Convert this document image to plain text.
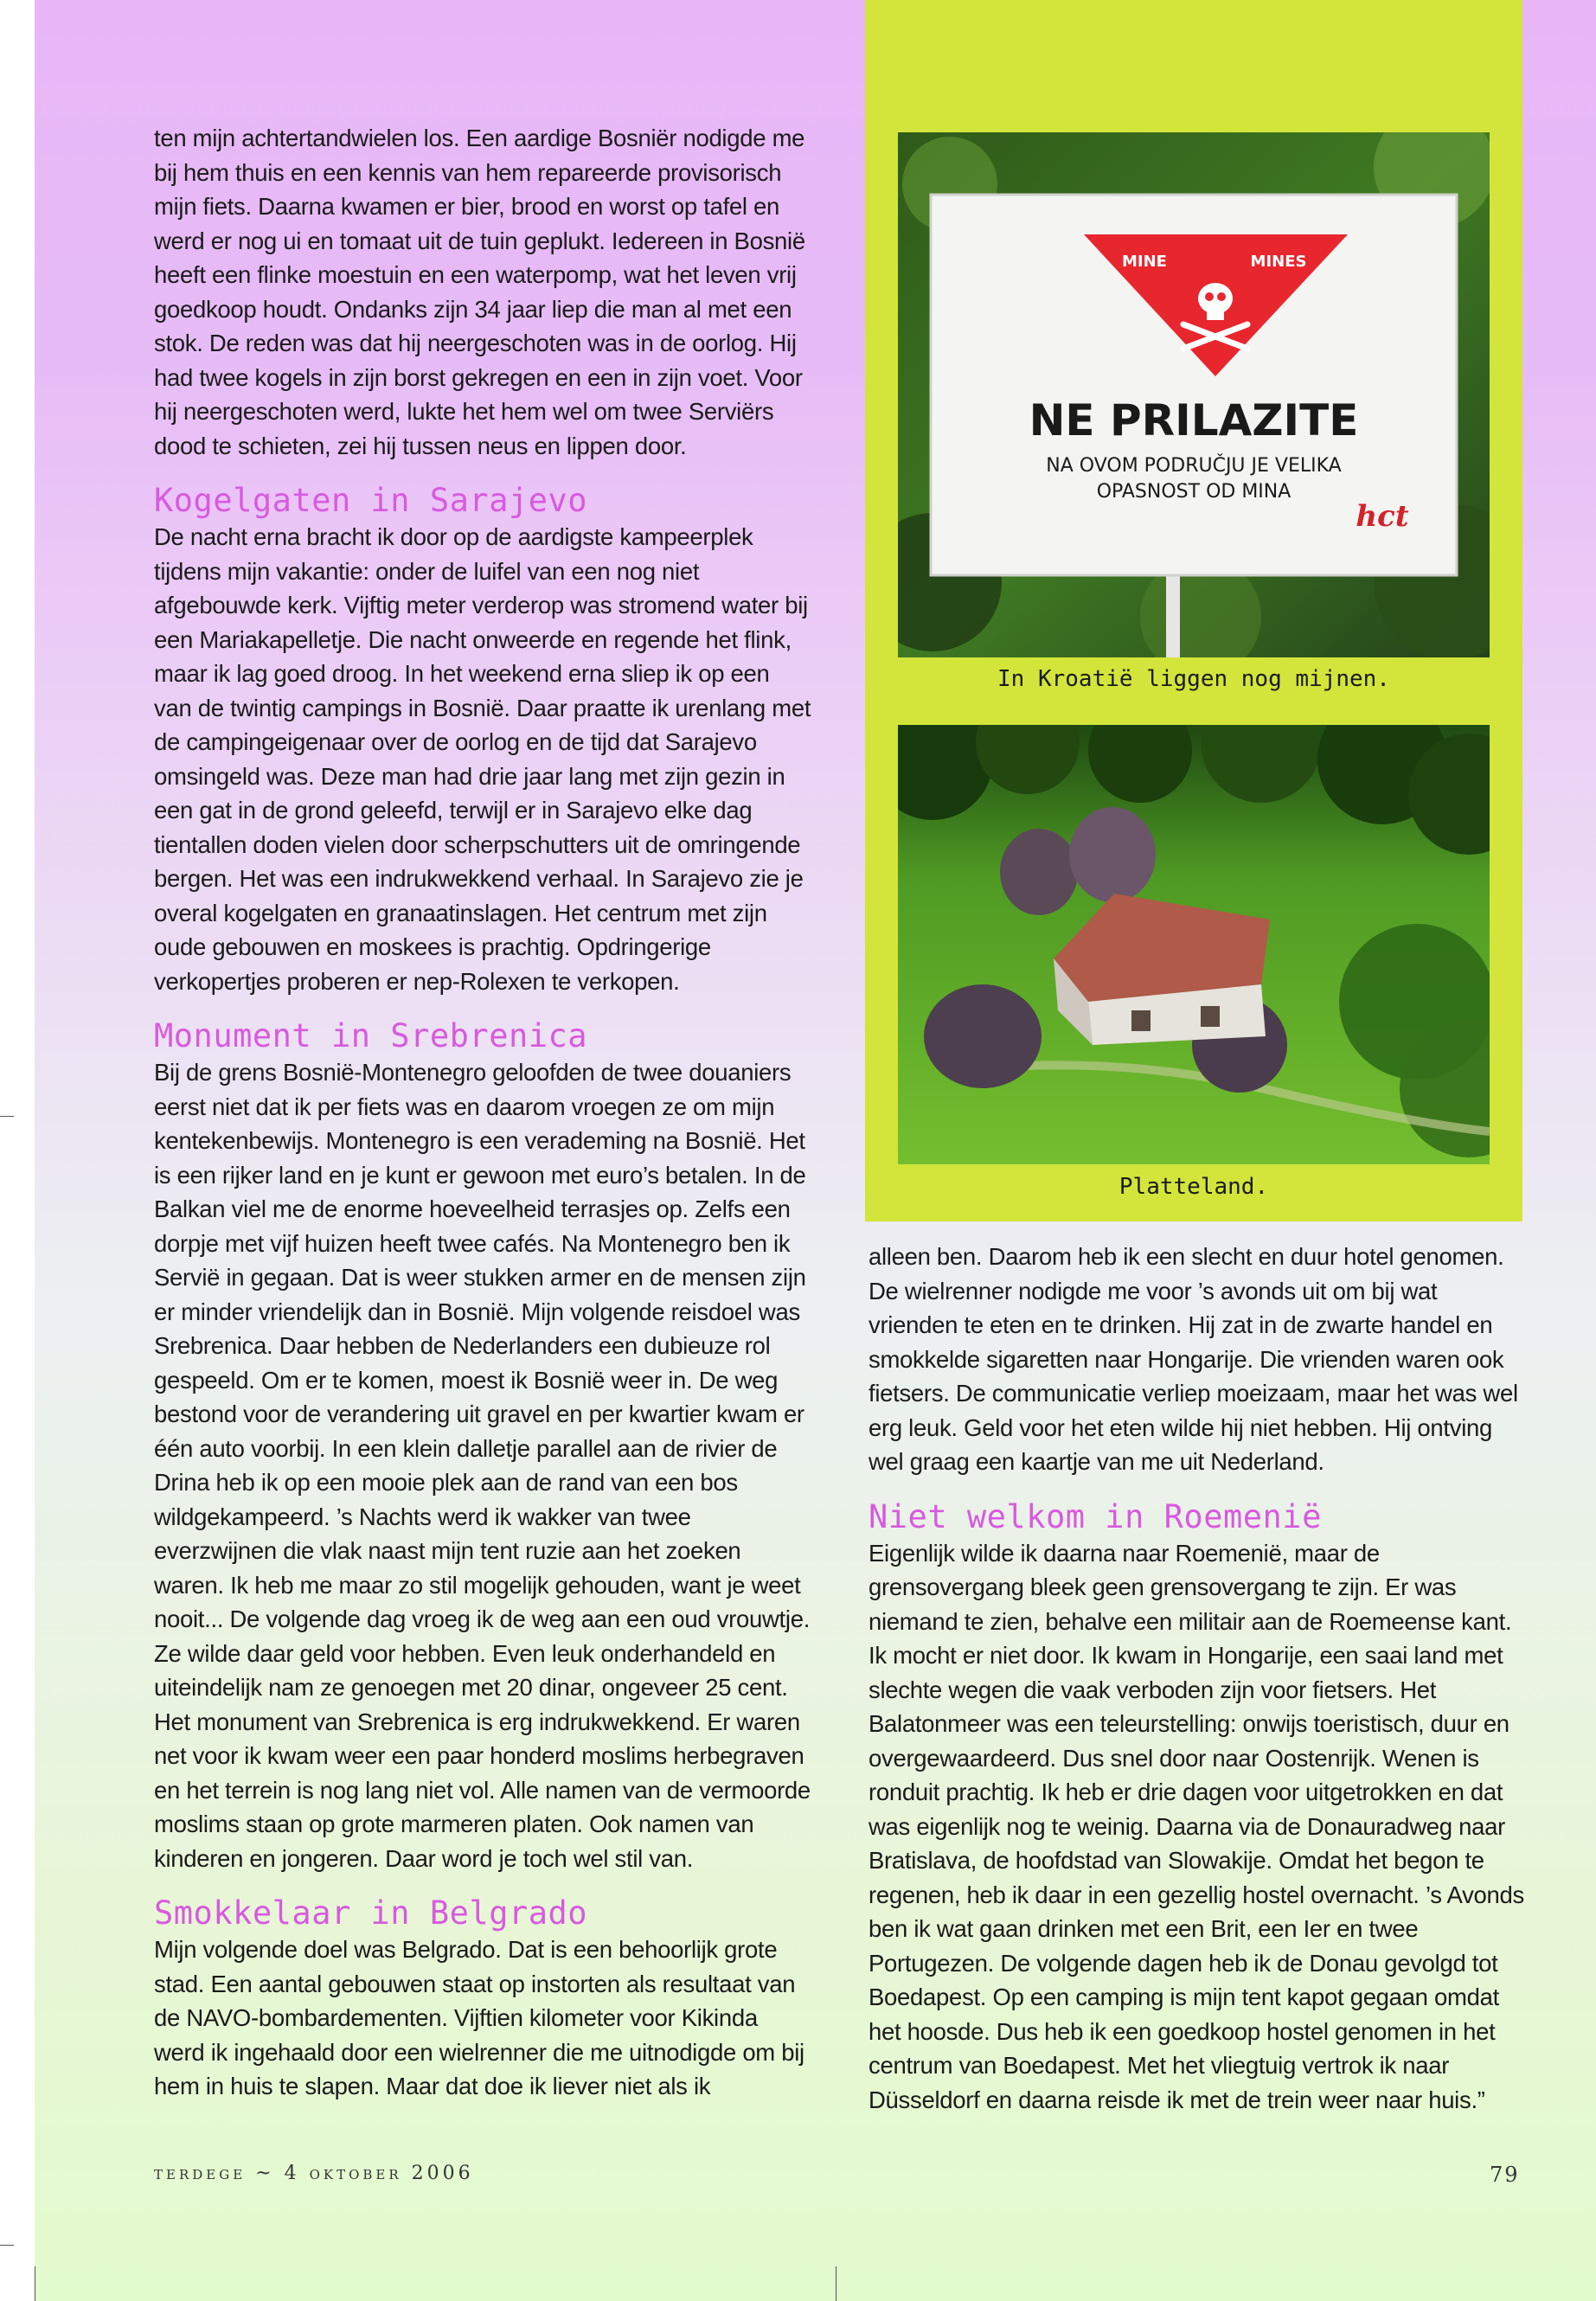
ten mijn achtertandwielen los. Een aardige Bosniër nodigde me bij hem thuis en een kennis van hem repareerde provisorisch mijn fiets. Daarna kwamen er bier, brood en worst op tafel en werd er nog ui en tomaat uit de tuin geplukt. Iedereen in Bosnië heeft een flinke moestuin en een waterpomp, wat het leven vrij goedkoop houdt. Ondanks zijn 34 jaar liep die man al met een stok. De reden was dat hij neergeschoten was in de oorlog. Hij had twee kogels in zijn borst gekregen en een in zijn voet. Voor hij neergeschoten werd, lukte het hem wel om twee Serviërs dood te schieten, zei hij tussen neus en lippen door.

Kogelgaten in Sarajevo

De nacht erna bracht ik door op de aardigste kampeerplek tijdens mijn vakantie: onder de luifel van een nog niet afgebouwde kerk. Vijftig meter verderop was stromend water bij een Mariakapelletje. Die nacht onweerde en regende het flink, maar ik lag goed droog. In het weekend erna sliep ik op een van de twintig campings in Bosnië. Daar praatte ik urenlang met de campingeigenaar over de oorlog en de tijd dat Sarajevo omsingeld was. Deze man had drie jaar lang met zijn gezin in een gat in de grond geleefd, terwijl er in Sarajevo elke dag tientallen doden vielen door scherpschutters uit de omringende bergen. Het was een indrukwekkend verhaal. In Sarajevo zie je overal kogelgaten en granaatinslagen. Het centrum met zijn oude gebouwen en moskees is prachtig. Opdringerige verkopertjes proberen er nep-Rolexen te verkopen.

Monument in Srebrenica

Bij de grens Bosnië-Montenegro geloofden de twee douaniers eerst niet dat ik per fiets was en daarom vroegen ze om mijn kentekenbewijs. Montenegro is een verademing na Bosnië. Het is een rijker land en je kunt er gewoon met euro’s betalen. In de Balkan viel me de enorme hoeveelheid terrasjes op. Zelfs een dorpje met vijf huizen heeft twee cafés. Na Montenegro ben ik Servië in gegaan. Dat is weer stukken armer en de mensen zijn er minder vriendelijk dan in Bosnië. Mijn volgende reisdoel was Srebrenica. Daar hebben de Nederlanders een dubieuze rol gespeeld. Om er te komen, moest ik Bosnië weer in. De weg bestond voor de verandering uit gravel en per kwartier kwam er één auto voorbij. In een klein dalletje parallel aan de rivier de Drina heb ik op een mooie plek aan de rand van een bos wildgekampeerd. ’s Nachts werd ik wakker van twee everzwijnen die vlak naast mijn tent ruzie aan het zoeken waren. Ik heb me maar zo stil mogelijk gehouden, want je weet nooit... De volgende dag vroeg ik de weg aan een oud vrouwtje. Ze wilde daar geld voor hebben. Even leuk onderhandeld en uiteindelijk nam ze genoegen met 20 dinar, ongeveer 25 cent.

Het monument van Srebrenica is erg indrukwekkend. Er waren net voor ik kwam weer een paar honderd moslims herbegraven en het terrein is nog lang niet vol. Alle namen van de vermoorde moslims staan op grote marmeren platen. Ook namen van kinderen en jongeren. Daar word je toch wel stil van.

Smokkelaar in Belgrado

Mijn volgende doel was Belgrado. Dat is een behoorlijk grote stad. Een aantal gebouwen staat op instorten als resultaat van de NAVO-bombardementen. Vijftien kilometer voor Kikinda werd ik ingehaald door een wielrenner die me uitnodigde om bij hem in huis te slapen. Maar dat doe ik liever niet als ik

MINE	MINES
NE PRILAZITE
NA OVOM PODRUČJU JE VELIKA
OPASNOST OD MINA
hct
In Kroatië liggen nog mijnen.
Platteland.

alleen ben. Daarom heb ik een slecht en duur hotel genomen. De wielrenner nodigde me voor ’s avonds uit om bij wat vrienden te eten en te drinken. Hij zat in de zwarte handel en smokkelde sigaretten naar Hongarije. Die vrienden waren ook fietsers. De communicatie verliep moeizaam, maar het was wel erg leuk. Geld voor het eten wilde hij niet hebben. Hij ontving wel graag een kaartje van me uit Nederland.

Niet welkom in Roemenië

Eigenlijk wilde ik daarna naar Roemenië, maar de grensovergang bleek geen grensovergang te zijn. Er was niemand te zien, behalve een militair aan de Roemeense kant. Ik mocht er niet door. Ik kwam in Hongarije, een saai land met slechte wegen die vaak verboden zijn voor fietsers. Het Balatonmeer was een teleurstelling: onwijs toeristisch, duur en overgewaardeerd. Dus snel door naar Oostenrijk. Wenen is ronduit prachtig. Ik heb er drie dagen voor uitgetrokken en dat was eigenlijk nog te weinig. Daarna via de Donauradweg naar Bratislava, de hoofdstad van Slowakije. Omdat het begon te regenen, heb ik daar in een gezellig hostel overnacht. ’s Avonds ben ik wat gaan drinken met een Brit, een Ier en twee Portugezen. De volgende dagen heb ik de Donau gevolgd tot Boedapest. Op een camping is mijn tent kapot gegaan omdat het hoosde. Dus heb ik een goedkoop hostel genomen in het centrum van Boedapest. Met het vliegtuig vertrok ik naar Düsseldorf en daarna reisde ik met de trein weer naar huis.”

terdege ~ 4 oktober 2006	79
